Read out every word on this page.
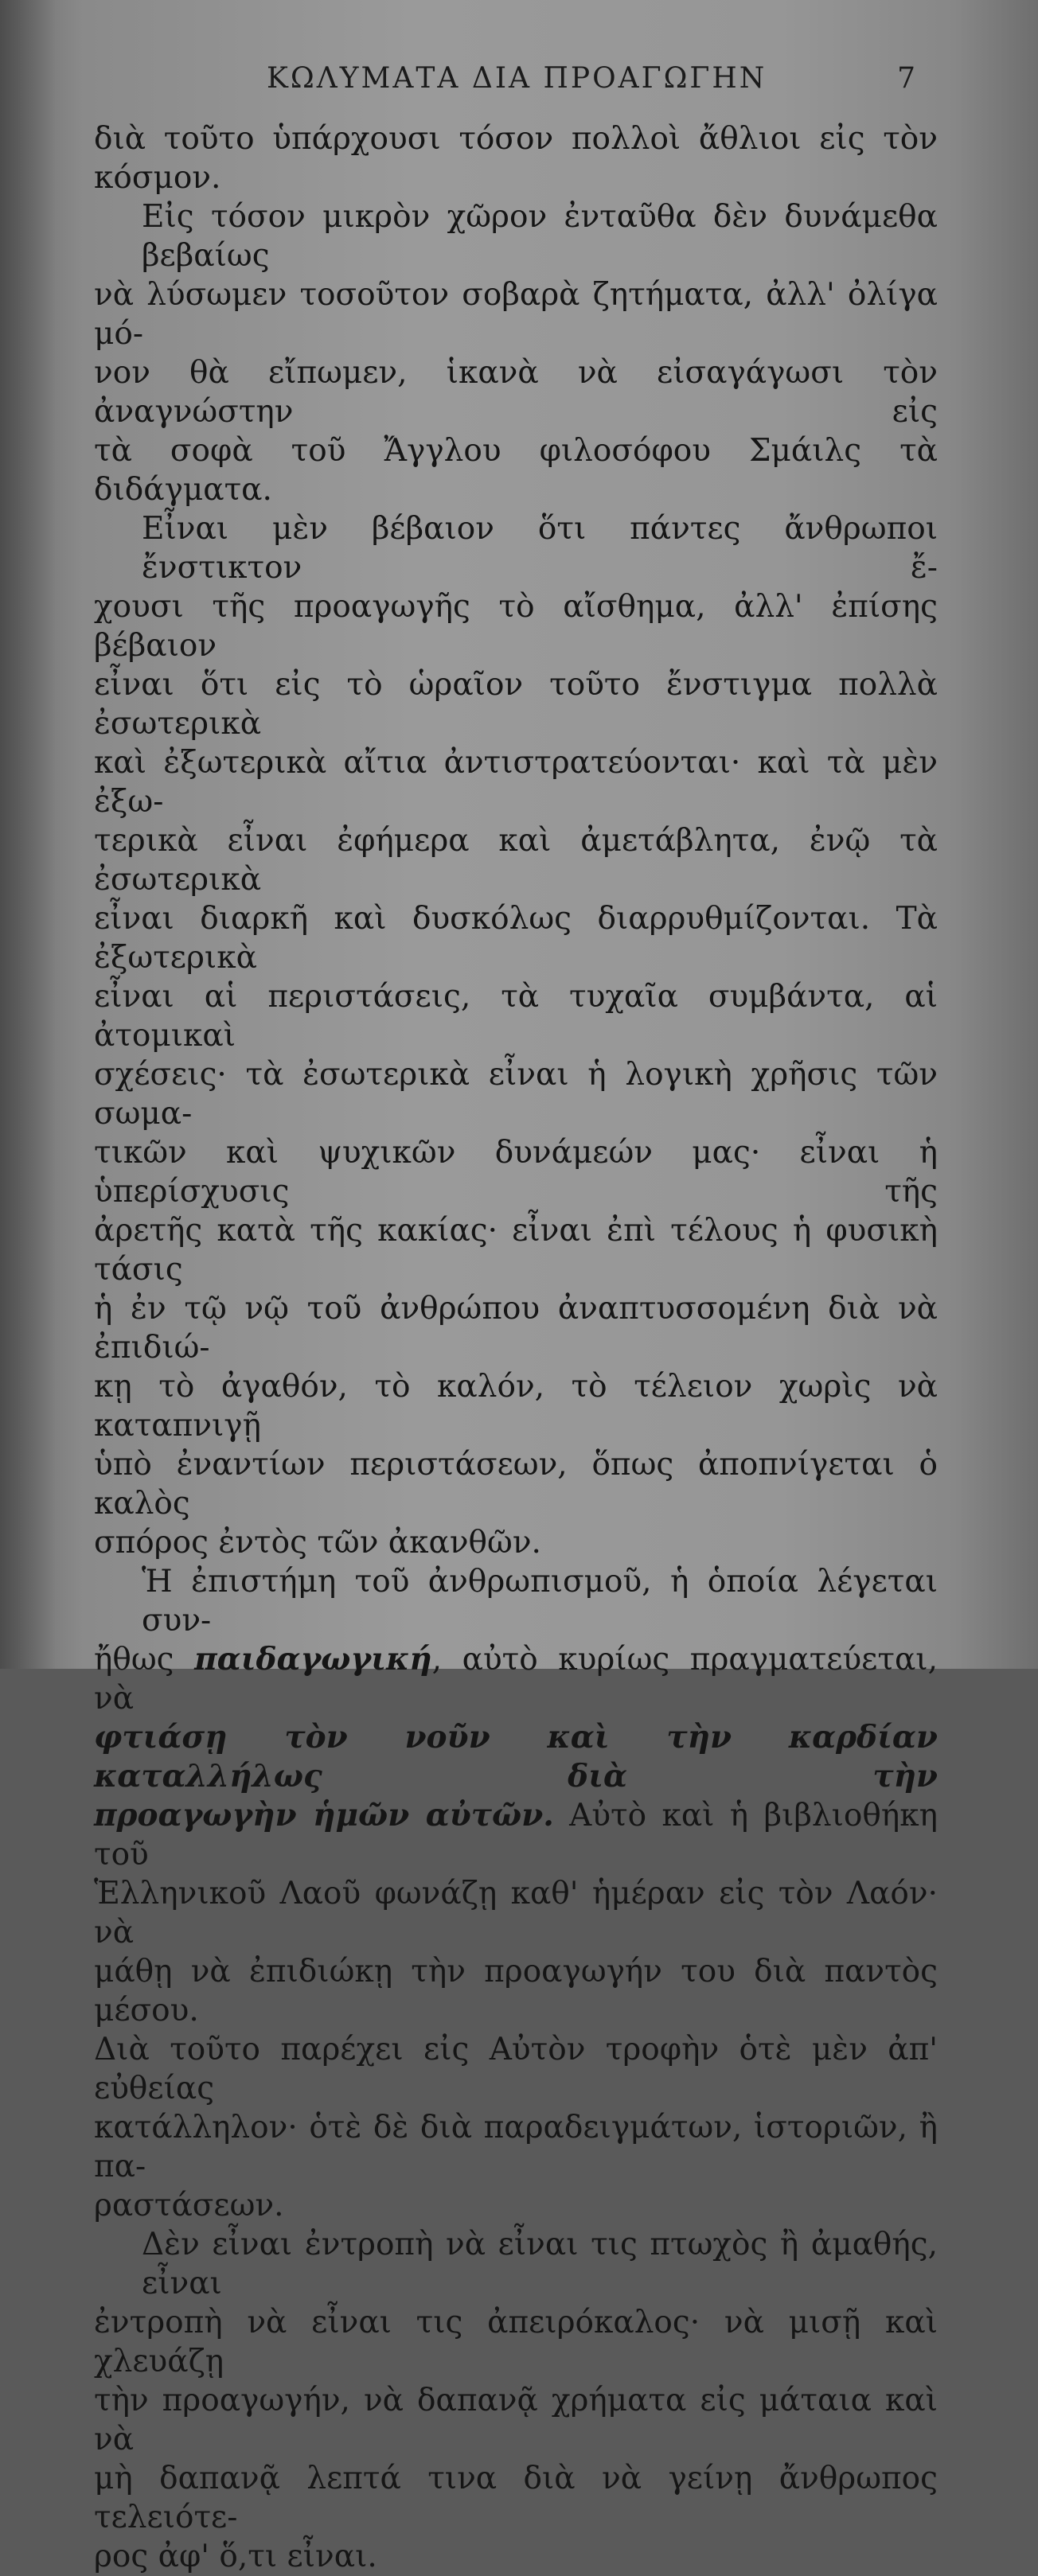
ΚΩΛΥΜΑΤΑ ΔΙΑ ΠΡΟΑΓΩΓΗΝ	7
διὰ τοῦτο ὑπάρχουσι τόσον πολλοὶ ἄθλιοι εἰς τὸν κόσμον.
Εἰς τόσον μικρὸν χῶρον ἐνταῦθα δὲν δυνάμεθα βεβαίως
νὰ λύσωμεν τοσοῦτον σοβαρὰ ζητήματα, ἀλλ' ὀλίγα μό-
νον θὰ εἴπωμεν, ἱκανὰ νὰ εἰσαγάγωσι τὸν ἀναγνώστην εἰς
τὰ σοφὰ τοῦ Ἄγγλου φιλοσόφου Σμάιλς τὰ διδάγματα.
Εἶναι μὲν βέβαιον ὅτι πάντες ἄνθρωποι ἔνστικτον ἔ-
χουσι τῆς προαγωγῆς τὸ αἴσθημα, ἀλλ' ἐπίσης βέβαιον
εἶναι ὅτι εἰς τὸ ὡραῖον τοῦτο ἔνστιγμα πολλὰ ἐσωτερικὰ
καὶ ἐξωτερικὰ αἴτια ἀντιστρατεύονται· καὶ τὰ μὲν ἐξω-
τερικὰ εἶναι ἐφήμερα καὶ ἀμετάβλητα, ἐνῷ τὰ ἐσωτερικὰ
εἶναι διαρκῆ καὶ δυσκόλως διαρρυθμίζονται. Τὰ ἐξωτερικὰ
εἶναι αἱ περιστάσεις, τὰ τυχαῖα συμβάντα, αἱ ἀτομικαὶ
σχέσεις· τὰ ἐσωτερικὰ εἶναι ἡ λογικὴ χρῆσις τῶν σωμα-
τικῶν καὶ ψυχικῶν δυνάμεών μας· εἶναι ἡ ὑπερίσχυσις τῆς
ἀρετῆς κατὰ τῆς κακίας· εἶναι ἐπὶ τέλους ἡ φυσικὴ τάσις
ἡ ἐν τῷ νῷ τοῦ ἀνθρώπου ἀναπτυσσομένη διὰ νὰ ἐπιδιώ-
κῃ τὸ ἀγαθόν, τὸ καλόν, τὸ τέλειον χωρὶς νὰ καταπνιγῇ
ὑπὸ ἐναντίων περιστάσεων, ὅπως ἀποπνίγεται ὁ καλὸς
σπόρος ἐντὸς τῶν ἀκανθῶν.
Ἡ ἐπιστήμη τοῦ ἀνθρωπισμοῦ, ἡ ὁποία λέγεται συν-
ἤθως παιδαγωγική, αὐτὸ κυρίως πραγματεύεται, νὰ
φτιάσῃ τὸν νοῦν καὶ τὴν καρδίαν καταλλήλως διὰ τὴν
προαγωγὴν ἡμῶν αὐτῶν. Αὐτὸ καὶ ἡ βιβλιοθήκη τοῦ
Ἑλληνικοῦ Λαοῦ φωνάζῃ καθ' ἡμέραν εἰς τὸν Λαόν· νὰ
μάθῃ νὰ ἐπιδιώκῃ τὴν προαγωγήν του διὰ παντὸς μέσου.
Διὰ τοῦτο παρέχει εἰς Αὐτὸν τροφὴν ὁτὲ μὲν ἀπ' εὐθείας
κατάλληλον· ὁτὲ δὲ διὰ παραδειγμάτων, ἱστοριῶν, ἢ πα-
ραστάσεων.
Δὲν εἶναι ἐντροπὴ νὰ εἶναι τις πτωχὸς ἢ ἀμαθής, εἶναι
ἐντροπὴ νὰ εἶναι τις ἀπειρόκαλος· νὰ μισῇ καὶ χλευάζῃ
τὴν προαγωγήν, νὰ δαπανᾷ χρήματα εἰς μάταια καὶ νὰ
μὴ δαπανᾷ λεπτά τινα διὰ νὰ γείνῃ ἄνθρωπος τελειότε-
ρος ἀφ' ὅ,τι εἶναι.
